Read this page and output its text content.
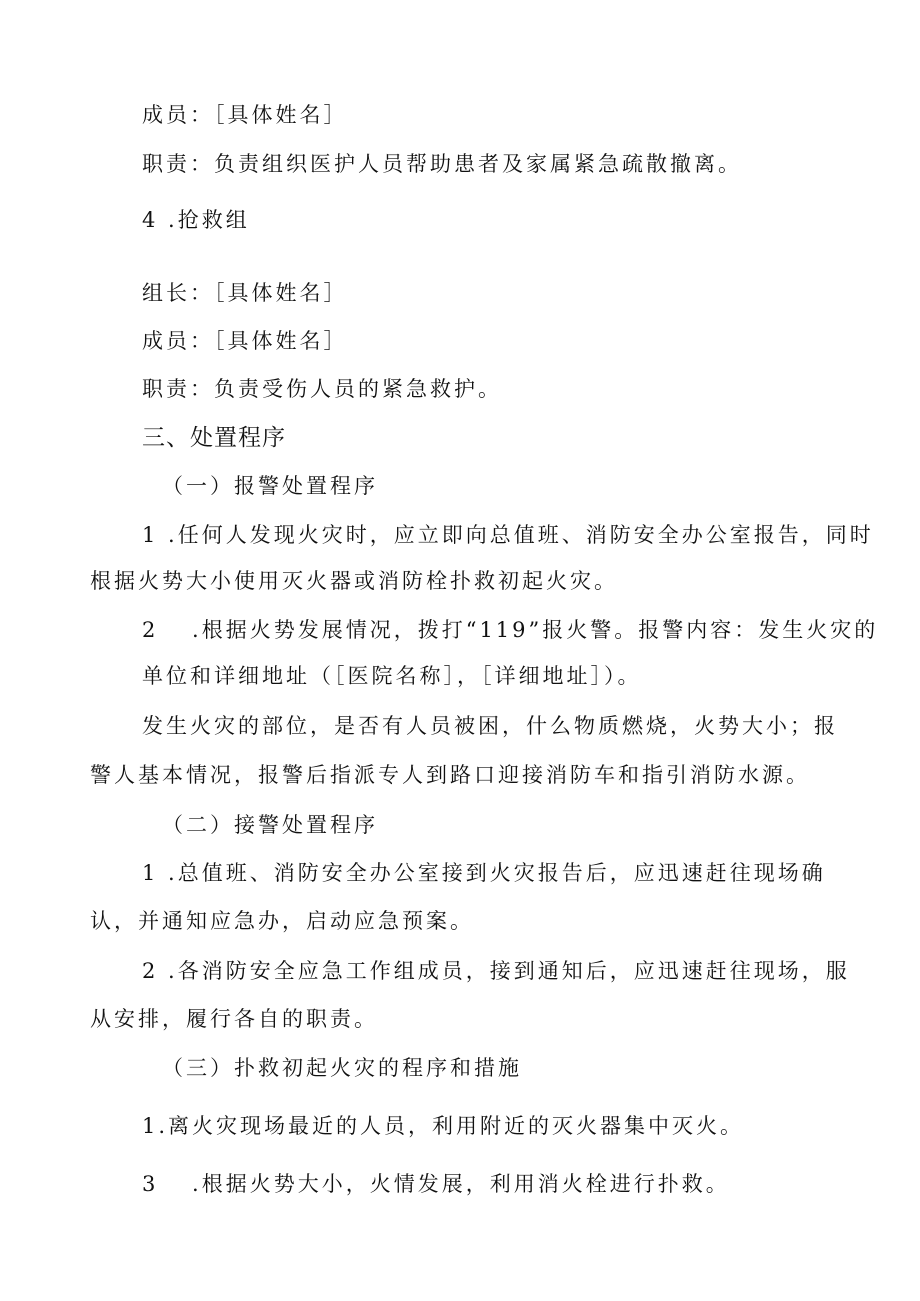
成员：［具体姓名］
职责：负责组织医护人员帮助患者及家属紧急疏散撤离。
4 .抢救组
组长：［具体姓名］
成员：［具体姓名］
职责：负责受伤人员的紧急救护。
三、处置程序
（一）报警处置程序
1 .任何人发现火灾时，应立即向总值班、消防安全办公室报告，同时
根据火势大小使用灭火器或消防栓扑救初起火灾。
2　 .根据火势发展情况，拨打“119”报火警。报警内容：发生火灾的
单位和详细地址（［医院名称］，［详细地址］）。
发生火灾的部位，是否有人员被困，什么物质燃烧，火势大小；报
警人基本情况，报警后指派专人到路口迎接消防车和指引消防水源。
（二）接警处置程序
1 .总值班、消防安全办公室接到火灾报告后，应迅速赶往现场确
认，并通知应急办，启动应急预案。
2 .各消防安全应急工作组成员，接到通知后，应迅速赶往现场，服
从安排，履行各自的职责。
（三）扑救初起火灾的程序和措施
1.离火灾现场最近的人员，利用附近的灭火器集中灭火。
3　 .根据火势大小，火情发展，利用消火栓进行扑救。
